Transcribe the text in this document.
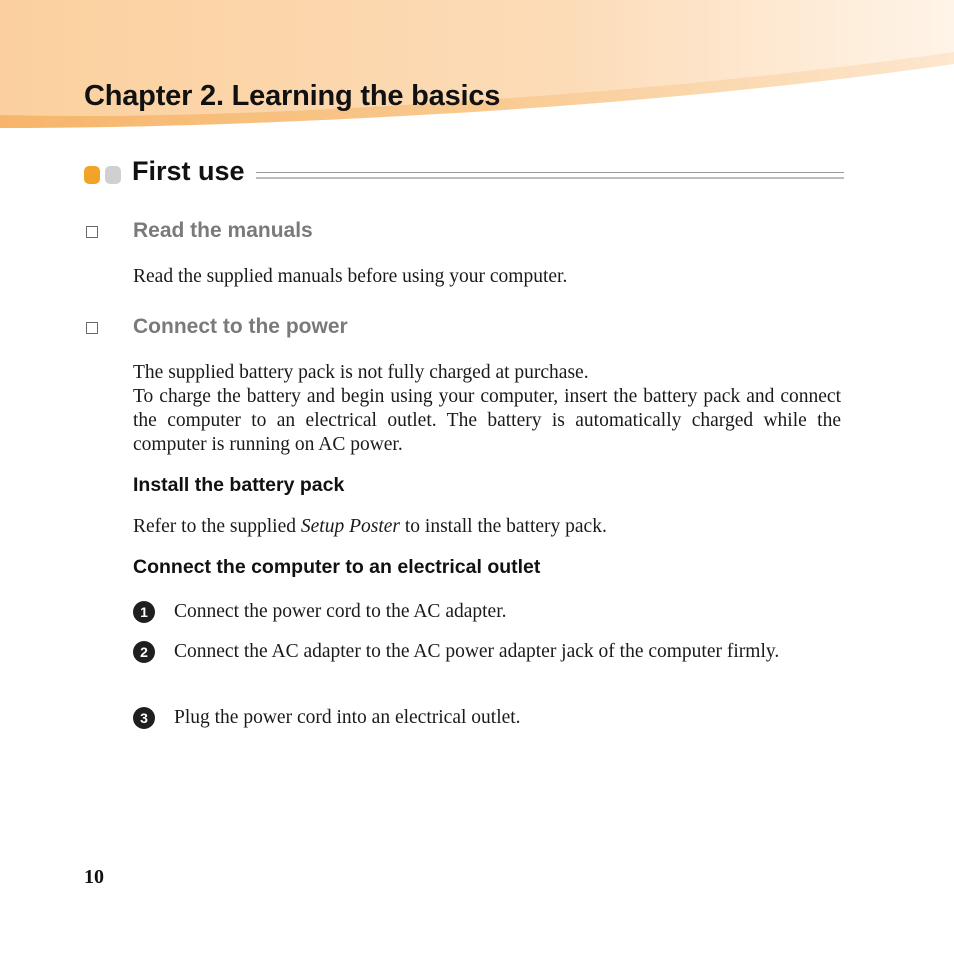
Chapter 2. Learning the basics
First use
Read the manuals

Read the supplied manuals before using your computer.

Connect to the power

The supplied battery pack is not fully charged at purchase.

To charge the battery and begin using your computer, insert the battery pack and connect the computer to an electrical outlet. The battery is automatically charged while the computer is running on AC power.

Install the battery pack

Refer to the supplied Setup Poster to install the battery pack.

Connect the computer to an electrical outlet
1	Connect the power cord to the AC adapter.

2	Connect the AC adapter to the AC power adapter jack of the computer firmly.

3	Plug the power cord into an electrical outlet.

10
